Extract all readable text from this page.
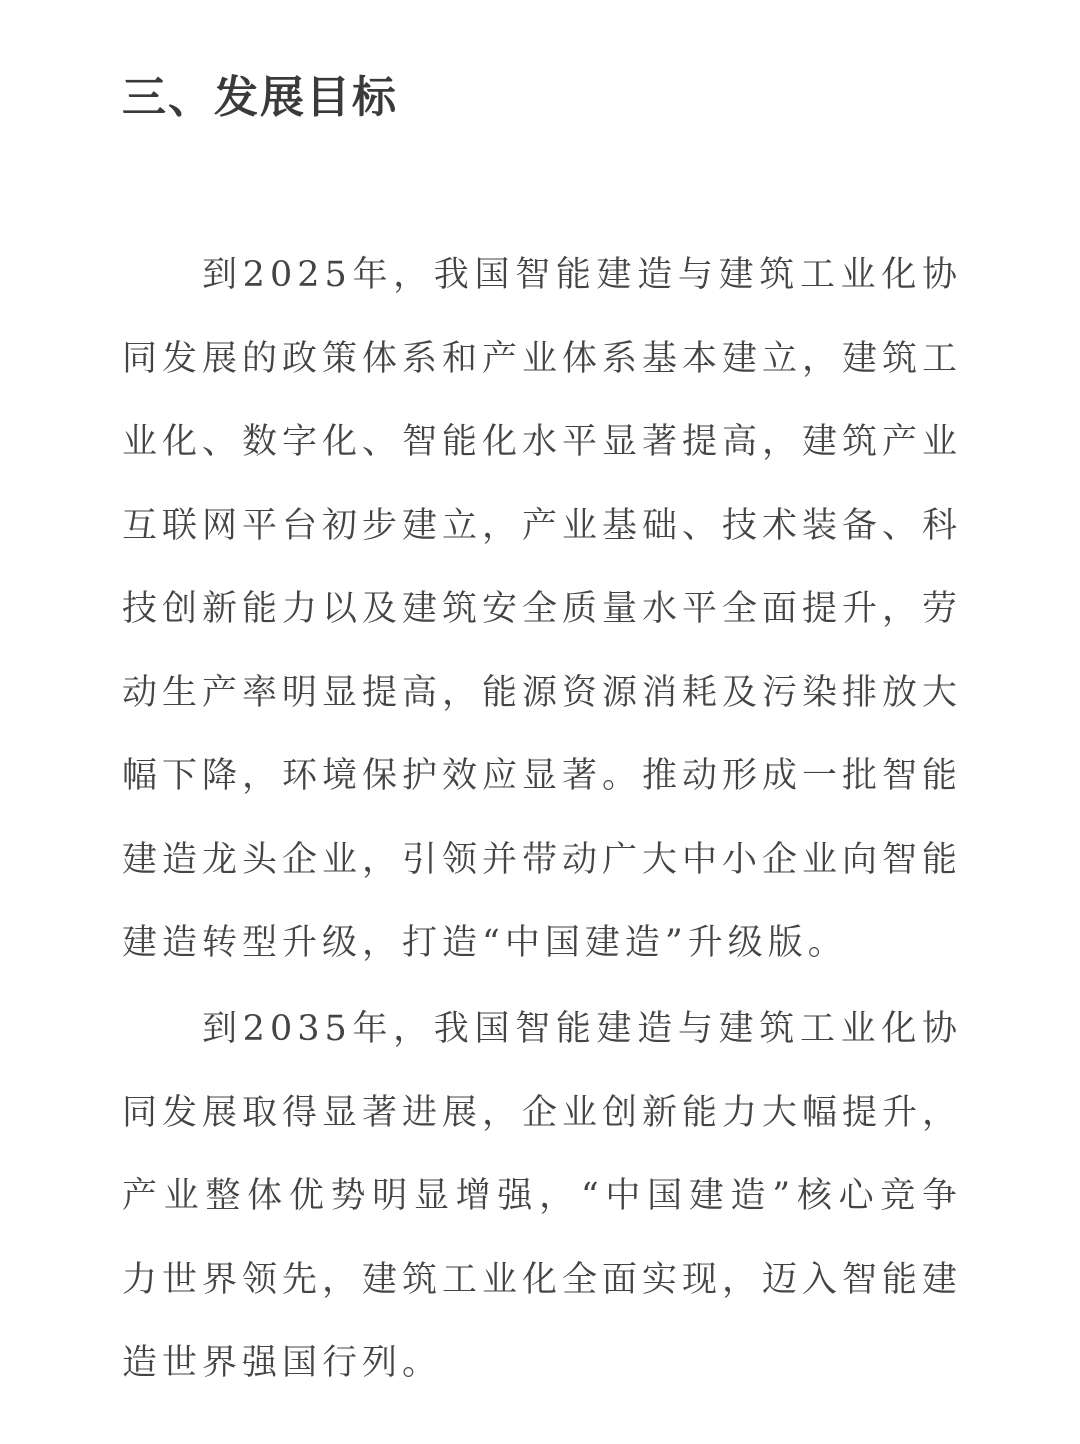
三、发展目标

到2025年，我国智能建造与建筑工业化协同发展的政策体系和产业体系基本建立，建筑工业化、数字化、智能化水平显著提高，建筑产业互联网平台初步建立，产业基础、技术装备、科技创新能力以及建筑安全质量水平全面提升，劳动生产率明显提高，能源资源消耗及污染排放大幅下降，环境保护效应显著。推动形成一批智能建造龙头企业，引领并带动广大中小企业向智能建造转型升级，打造“中国建造”升级版。

到2035年，我国智能建造与建筑工业化协同发展取得显著进展，企业创新能力大幅提升，产业整体优势明显增强，“中国建造”核心竞争力世界领先，建筑工业化全面实现，迈入智能建造世界强国行列。
